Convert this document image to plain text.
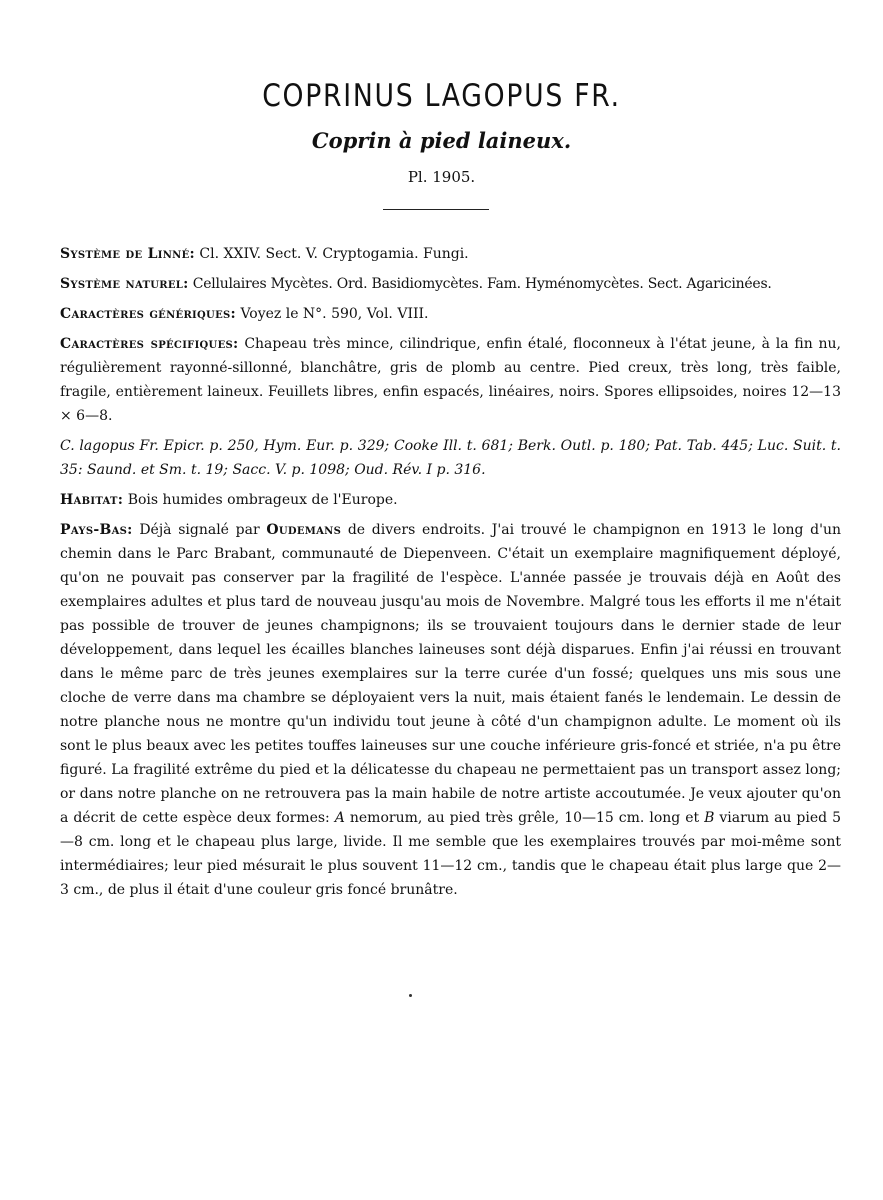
COPRINUS LAGOPUS FR.
Coprin à pied laineux.
Pl. 1905.

Système de Linné: Cl. XXIV. Sect. V. Cryptogamia. Fungi.

Système naturel: Cellulaires Mycètes. Ord. Basidiomycètes. Fam. Hyménomycètes. Sect. Agaricinées.

Caractères génériques: Voyez le N°. 590, Vol. VIII.

Caractères spécifiques: Chapeau très mince, cilindrique, enfin étalé, floconneux à l'état jeune, à la fin nu, régulièrement rayonné-sillonné, blanchâtre, gris de plomb au centre. Pied creux, très long, très faible, fragile, entièrement laineux. Feuillets libres, enfin espacés, linéaires, noirs. Spores ellipsoides, noires 12—13 × 6—8.

C. lagopus Fr. Epicr. p. 250, Hym. Eur. p. 329; Cooke Ill. t. 681; Berk. Outl. p. 180; Pat. Tab. 445; Luc. Suit. t. 35: Saund. et Sm. t. 19; Sacc. V. p. 1098; Oud. Rév. I p. 316.

Habitat: Bois humides ombrageux de l'Europe.

Pays-Bas: Déjà signalé par Oudemans de divers endroits. J'ai trouvé le champignon en 1913 le long d'un chemin dans le Parc Brabant, communauté de Diepenveen. C'était un exemplaire magnifiquement déployé, qu'on ne pouvait pas conserver par la fragilité de l'espèce. L'année passée je trouvais déjà en Août des exemplaires adultes et plus tard de nouveau jusqu'au mois de Novembre. Malgré tous les efforts il me n'était pas possible de trouver de jeunes champignons; ils se trouvaient toujours dans le dernier stade de leur développement, dans lequel les écailles blanches laineuses sont déjà disparues. Enfin j'ai réussi en trouvant dans le même parc de très jeunes exemplaires sur la terre curée d'un fossé; quelques uns mis sous une cloche de verre dans ma chambre se déployaient vers la nuit, mais étaient fanés le lendemain. Le dessin de notre planche nous ne montre qu'un individu tout jeune à côté d'un champignon adulte. Le moment où ils sont le plus beaux avec les petites touffes laineuses sur une couche inférieure gris-foncé et striée, n'a pu être figuré. La fragilité extrême du pied et la délicatesse du chapeau ne permettaient pas un transport assez long; or dans notre planche on ne retrouvera pas la main habile de notre artiste accoutumée. Je veux ajouter qu'on a décrit de cette espèce deux formes: A nemorum, au pied très grêle, 10—15 cm. long et B viarum au pied 5—8 cm. long et le chapeau plus large, livide. Il me semble que les exemplaires trouvés par moi-même sont intermédiaires; leur pied mésurait le plus souvent 11—12 cm., tandis que le chapeau était plus large que 2—3 cm., de plus il était d'une couleur gris foncé brunâtre.
